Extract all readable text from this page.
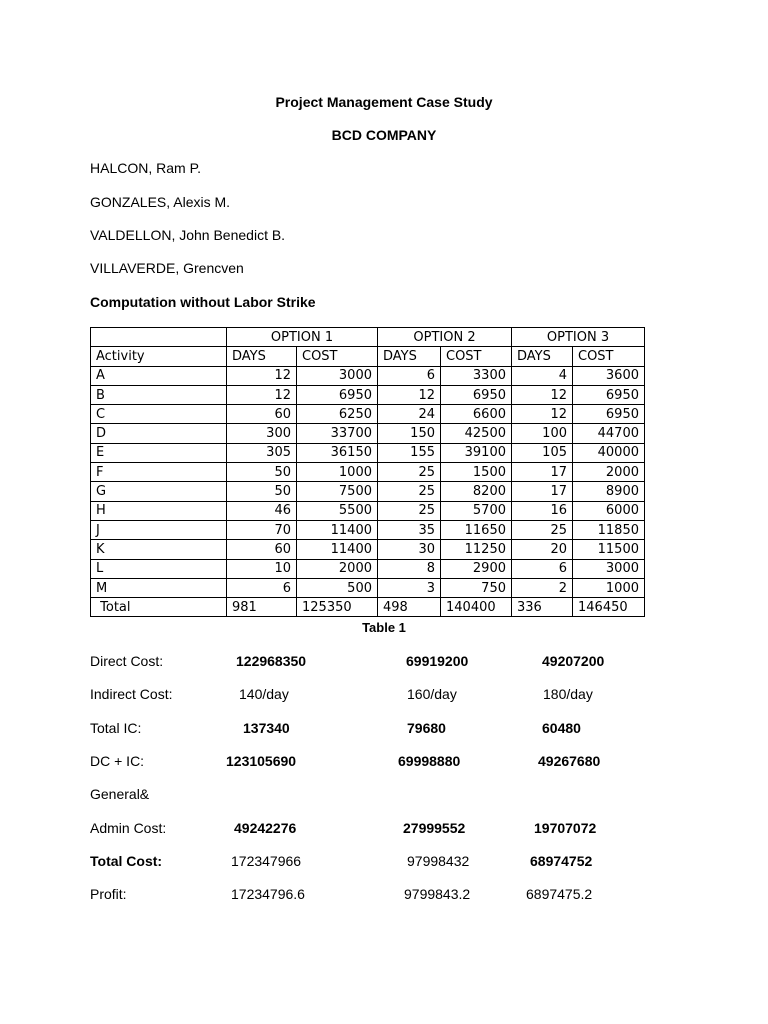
Project Management Case Study
BCD COMPANY
HALCON, Ram P.
GONZALES, Alexis M.
VALDELLON, John Benedict B.
VILLAVERDE, Grencven
Computation without Labor Strike
	OPTION 1		OPTION 2		OPTION 3	
Activity	DAYS	COST	DAYS	COST	DAYS	COST
A	12	3000	6	3300	4	3600
B	12	6950	12	6950	12	6950
C	60	6250	24	6600	12	6950
D	300	33700	150	42500	100	44700
E	305	36150	155	39100	105	40000
F	50	1000	25	1500	17	2000
G	50	7500	25	8200	17	8900
H	46	5500	25	5700	16	6000
J	70	11400	35	11650	25	11850
K	60	11400	30	11250	20	11500
L	10	2000	8	2900	6	3000
M	6	500	3	750	2	1000
Total	981	125350	498	140400	336	146450
Table 1
Direct Cost:	122968350	69919200	49207200
Indirect Cost:	140/day	160/day	180/day
Total IC:	137340	79680	60480
DC + IC:	123105690	69998880	49267680
General&
Admin Cost:	49242276	27999552	19707072
Total Cost:	172347966	97998432	68974752
Profit:	17234796.6	9799843.2	6897475.2
